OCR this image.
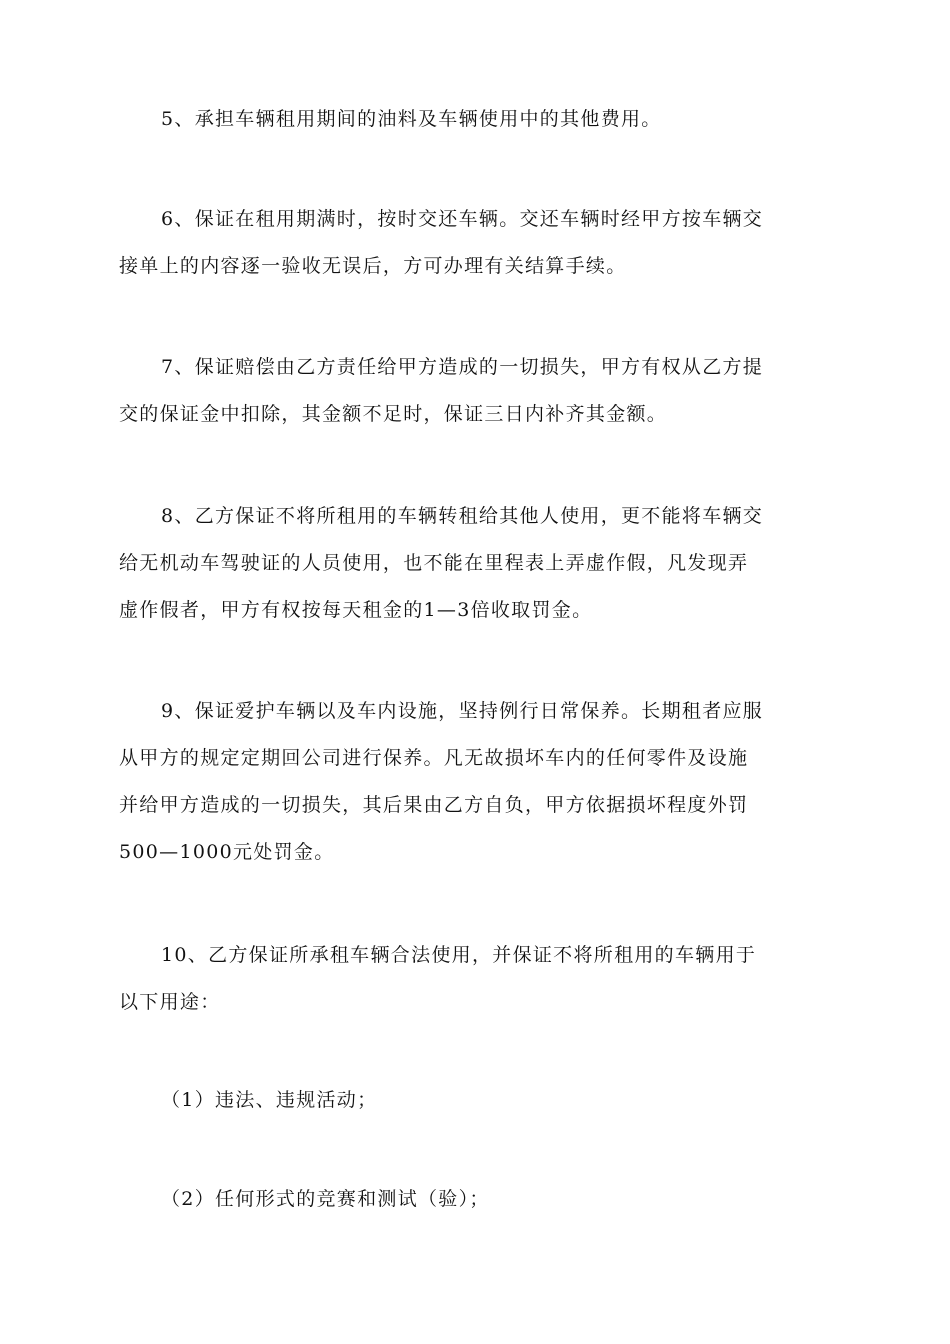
5、承担车辆租用期间的油料及车辆使用中的其他费用。

6、保证在租用期满时，按时交还车辆。交还车辆时经甲方按车辆交
接单上的内容逐一验收无误后，方可办理有关结算手续。

7、保证赔偿由乙方责任给甲方造成的一切损失，甲方有权从乙方提
交的保证金中扣除，其金额不足时，保证三日内补齐其金额。

8、乙方保证不将所租用的车辆转租给其他人使用，更不能将车辆交
给无机动车驾驶证的人员使用，也不能在里程表上弄虚作假，凡发现弄
虚作假者，甲方有权按每天租金的1—3倍收取罚金。

9、保证爱护车辆以及车内设施，坚持例行日常保养。长期租者应服
从甲方的规定定期回公司进行保养。凡无故损坏车内的任何零件及设施
并给甲方造成的一切损失，其后果由乙方自负，甲方依据损坏程度外罚
500—1000元处罚金。

10、乙方保证所承租车辆合法使用，并保证不将所租用的车辆用于
以下用途：

（1）违法、违规活动；

（2）任何形式的竞赛和测试（验）；
